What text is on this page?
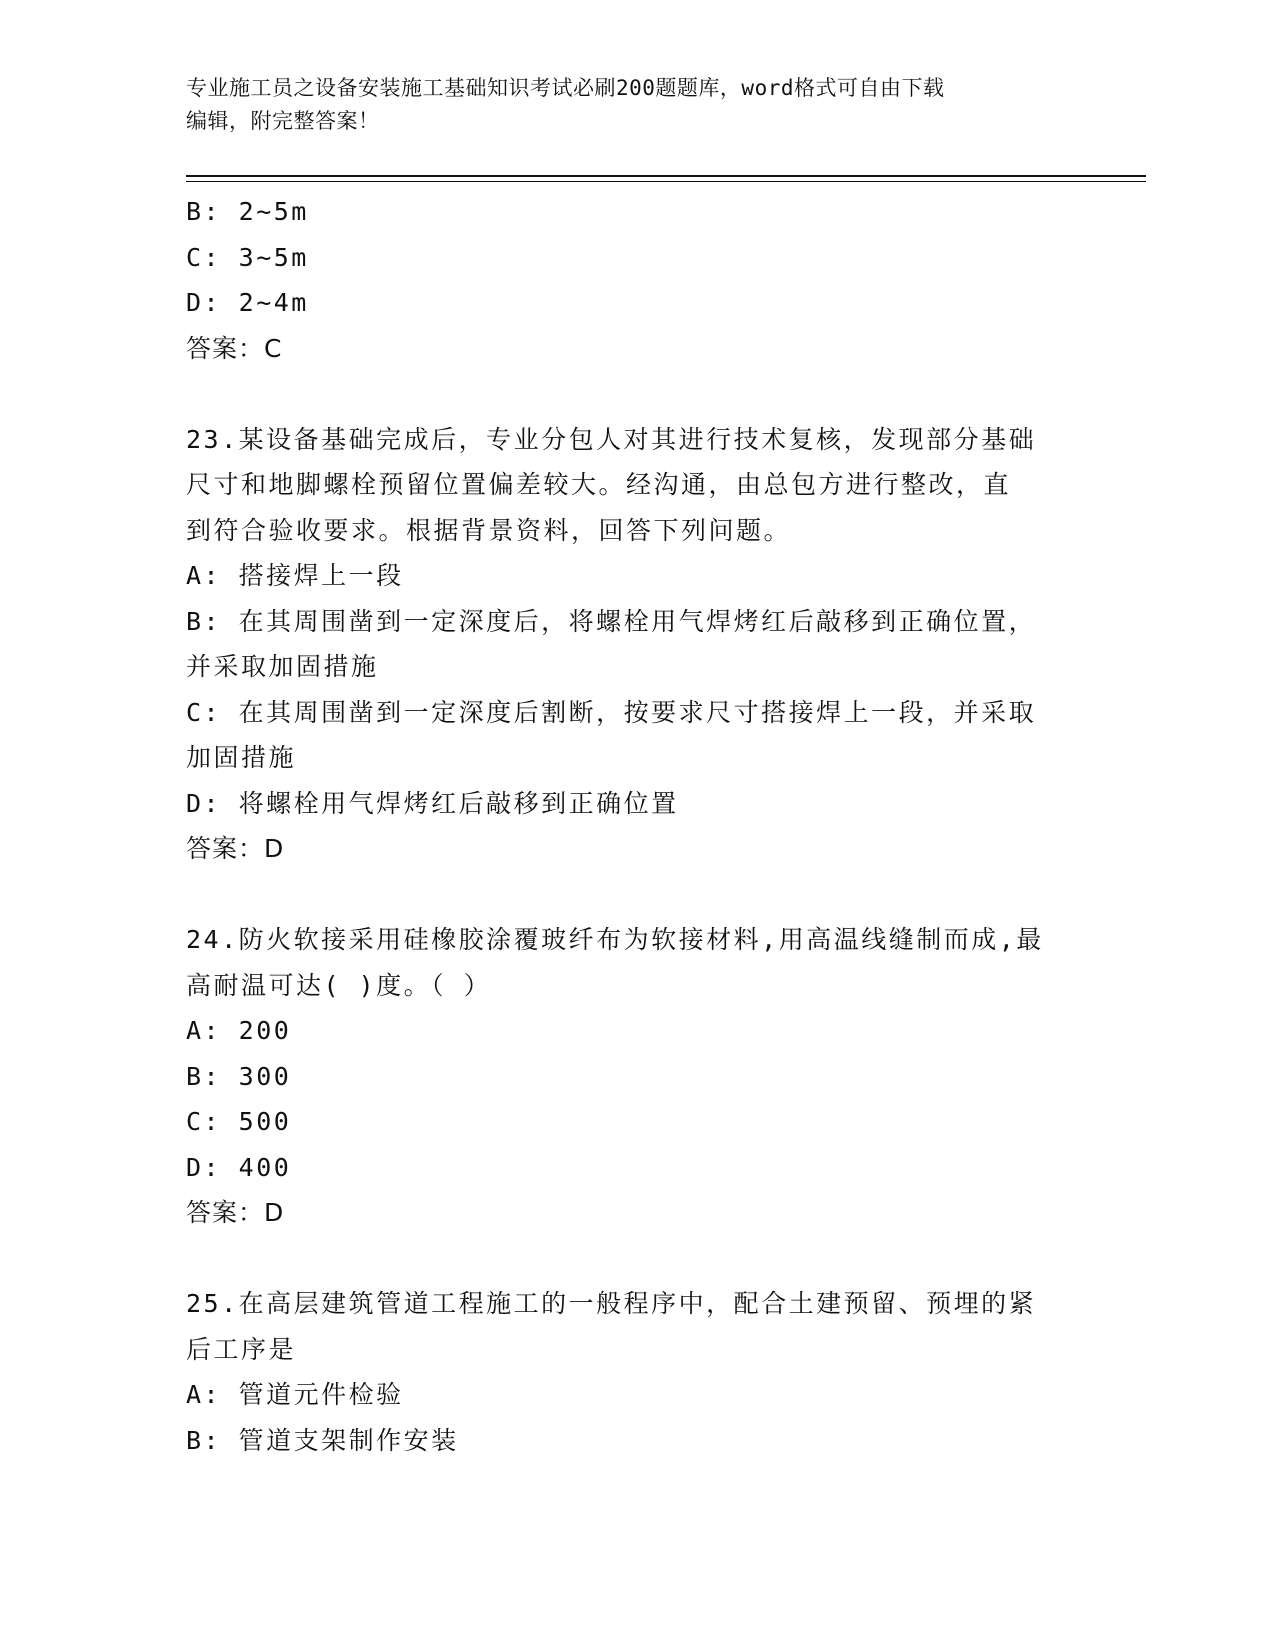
专业施工员之设备安装施工基础知识考试必刷200题题库，word格式可自由下载
编辑，附完整答案！
B: 2~5m
C: 3~5m
D: 2~4m
答案：C
23.某设备基础完成后，专业分包人对其进行技术复核，发现部分基础
尺寸和地脚螺栓预留位置偏差较大。经沟通，由总包方进行整改，直
到符合验收要求。根据背景资料，回答下列问题。
A: 搭接焊上一段
B: 在其周围凿到一定深度后，将螺栓用气焊烤红后敲移到正确位置，
并采取加固措施
C: 在其周围凿到一定深度后割断，按要求尺寸搭接焊上一段，并采取
加固措施
D: 将螺栓用气焊烤红后敲移到正确位置
答案：D
24.防火软接采用硅橡胶涂覆玻纤布为软接材料,用高温线缝制而成,最
高耐温可达( )度。（ ）
A: 200
B: 300
C: 500
D: 400
答案：D
25.在高层建筑管道工程施工的一般程序中，配合土建预留、预埋的紧
后工序是
A: 管道元件检验
B: 管道支架制作安装
